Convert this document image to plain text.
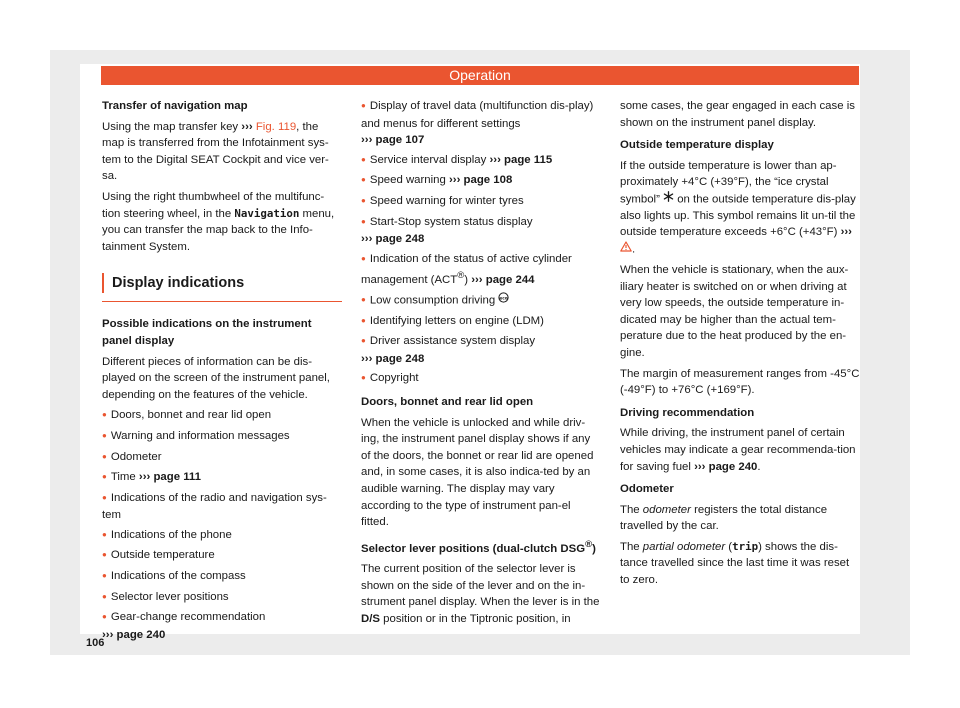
Operation

Transfer of navigation map

Using the map transfer key ››› Fig. 119, the map is transferred from the Infotainment sys-tem to the Digital SEAT Cockpit and vice ver-sa.

Using the right thumbwheel of the multifunc-tion steering wheel, in the Navigation menu, you can transfer the map back to the Info-tainment System.

Display indications

Possible indications on the instrument panel display

Different pieces of information can be dis-played on the screen of the instrument panel, depending on the features of the vehicle.

● Doors, bonnet and rear lid open
● Warning and information messages
● Odometer
● Time ››› page 111
● Indications of the radio and navigation sys-tem
● Indications of the phone
● Outside temperature
● Indications of the compass
● Selector lever positions
● Gear-change recommendation
››› page 240
● Display of travel data (multifunction dis-play) and menus for different settings
››› page 107
● Service interval display ››› page 115
● Speed warning ››› page 108
● Speed warning for winter tyres
● Start-Stop system status display
››› page 248
● Indication of the status of active cylinder management (ACT®) ››› page 244
● Low consumption driving eco
● Identifying letters on engine (LDM)
● Driver assistance system display
››› page 248
● Copyright

Doors, bonnet and rear lid open

When the vehicle is unlocked and while driv-ing, the instrument panel display shows if any of the doors, the bonnet or rear lid are opened and, in some cases, it is also indica-ted by an audible warning. The display may vary according to the type of instrument pan-el fitted.

Selector lever positions (dual-clutch DSG®)

The current position of the selector lever is shown on the side of the lever and on the in-strument panel display. When the lever is in the D/S position or in the Tiptronic position, in

some cases, the gear engaged in each case is shown on the instrument panel display.

Outside temperature display

If the outside temperature is lower than ap-proximately +4°C (+39°F), the “ice crystal symbol”  on the outside temperature dis-play also lights up. This symbol remains lit un-til the outside temperature exceeds +6°C (+43°F) ››› .

When the vehicle is stationary, when the aux-iliary heater is switched on or when driving at very low speeds, the outside temperature in-dicated may be higher than the actual tem-perature due to the heat produced by the en-gine.

The margin of measurement ranges from -45°C (-49°F) to +76°C (+169°F).

Driving recommendation

While driving, the instrument panel of certain vehicles may indicate a gear recommenda-tion for saving fuel ››› page 240.

Odometer

The odometer registers the total distance travelled by the car.

The partial odometer (trip) shows the dis-tance travelled since the last time it was reset to zero.

106
